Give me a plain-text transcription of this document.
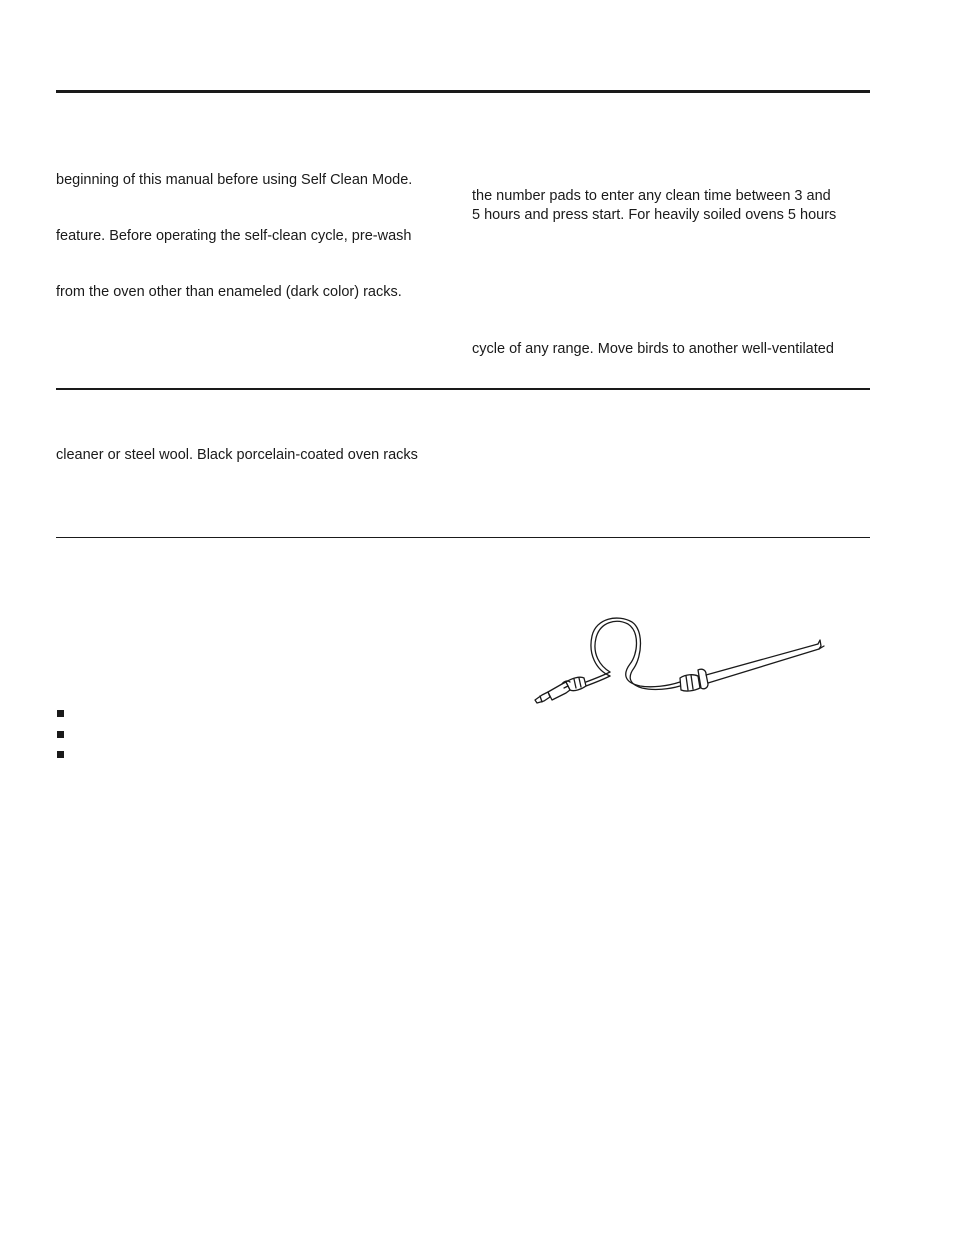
beginning of this manual before using Self Clean Mode.
feature. Before operating the self-clean cycle, pre-wash
from the oven other than enameled (dark color) racks.
the number pads to enter any clean time between 3 and
5 hours and press start. For heavily soiled ovens 5 hours
cycle of any range. Move birds to another well-ventilated
cleaner or steel wool. Black porcelain-coated oven racks
